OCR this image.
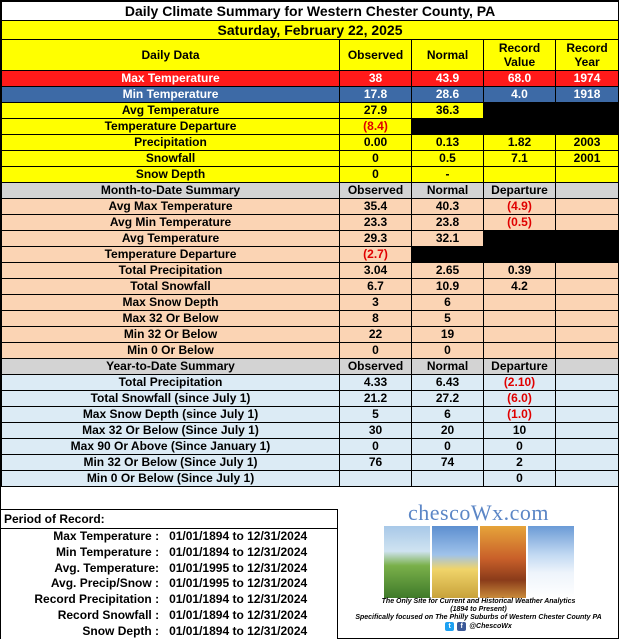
Daily Climate Summary for Western Chester County, PA				
Saturday, February 22, 2025				
Daily Data	Observed	Normal	Record Value	Record Year
Max Temperature	38	43.9	68.0	1974
Min Temperature	17.8	28.6	4.0	1918
Avg Temperature	27.9	36.3		
Temperature Departure	(8.4)			
Precipitation	0.00	0.13	1.82	2003
Snowfall	0	0.5	7.1	2001
Snow Depth	0	-		
Month-to-Date Summary	Observed	Normal	Departure	
Avg Max Temperature	35.4	40.3	(4.9)	
Avg Min Temperature	23.3	23.8	(0.5)	
Avg Temperature	29.3	32.1		
Temperature Departure	(2.7)			
Total Precipitation	3.04	2.65	0.39	
Total Snowfall	6.7	10.9	4.2	
Max Snow Depth	3	6		
Max 32 Or Below	8	5		
Min 32 Or Below	22	19		
Min 0 Or Below	0	0		
Year-to-Date Summary	Observed	Normal	Departure	
Total Precipitation	4.33	6.43	(2.10)	
Total Snowfall (since July 1)	21.2	27.2	(6.0)	
Max Snow Depth (since July 1)	5	6	(1.0)	
Max 32 Or Below (Since July 1)	30	20	10	
Max 90 Or Above (Since January 1)	0	0	0	
Min 32 Or Below (Since July 1)	76	74	2	
Min 0 Or Below (Since July 1)			0	
Period of Record:
Max Temperature : 01/01/1894 to 12/31/2024
Min Temperature : 01/01/1894 to 12/31/2024
Avg. Temperature: 01/01/1995 to 12/31/2024
Avg. Precip/Snow : 01/01/1995 to 12/31/2024
Record Precipitation : 01/01/1894 to 12/31/2024
Record Snowfall : 01/01/1894 to 12/31/2024
Snow Depth : 01/01/1894 to 12/31/2024
chescoWx.com
The Only Site for Current and Historical Weather Analytics
(1894 to Present)
Specifically focused on The Philly Suburbs of Western Chester County PA
t	f @ChescoWx
